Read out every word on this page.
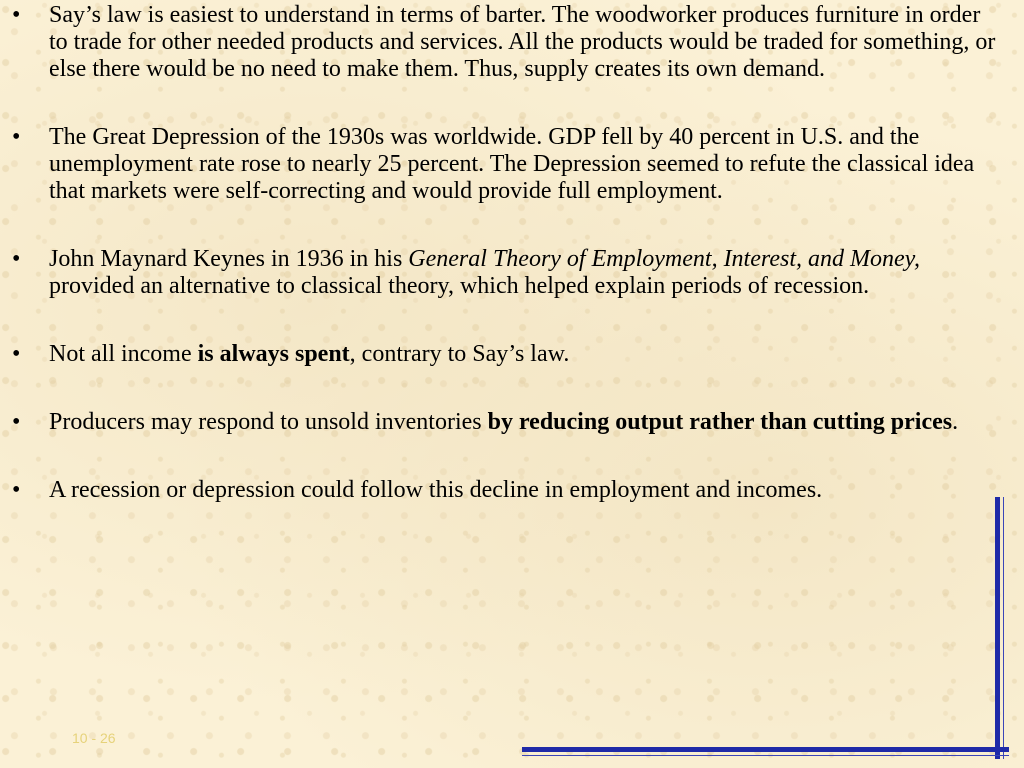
• Say’s law is easiest to understand in terms of barter. The woodworker produces furniture in order to trade for other needed products and services. All the products would be traded for something, or else there would be no need to make them. Thus, supply creates its own demand.
• The Great Depression of the 1930s was worldwide. GDP fell by 40 percent in U.S. and the unemployment rate rose to nearly 25 percent. The Depression seemed to refute the classical idea that markets were self-correcting and would provide full employment.
• John Maynard Keynes in 1936 in his General Theory of Employment, Interest, and Money, provided an alternative to classical theory, which helped explain periods of recession.
• Not all income is always spent, contrary to Say’s law.
• Producers may respond to unsold inventories by reducing output rather than cutting prices.
• A recession or depression could follow this decline in employment and incomes.
10 - 26
